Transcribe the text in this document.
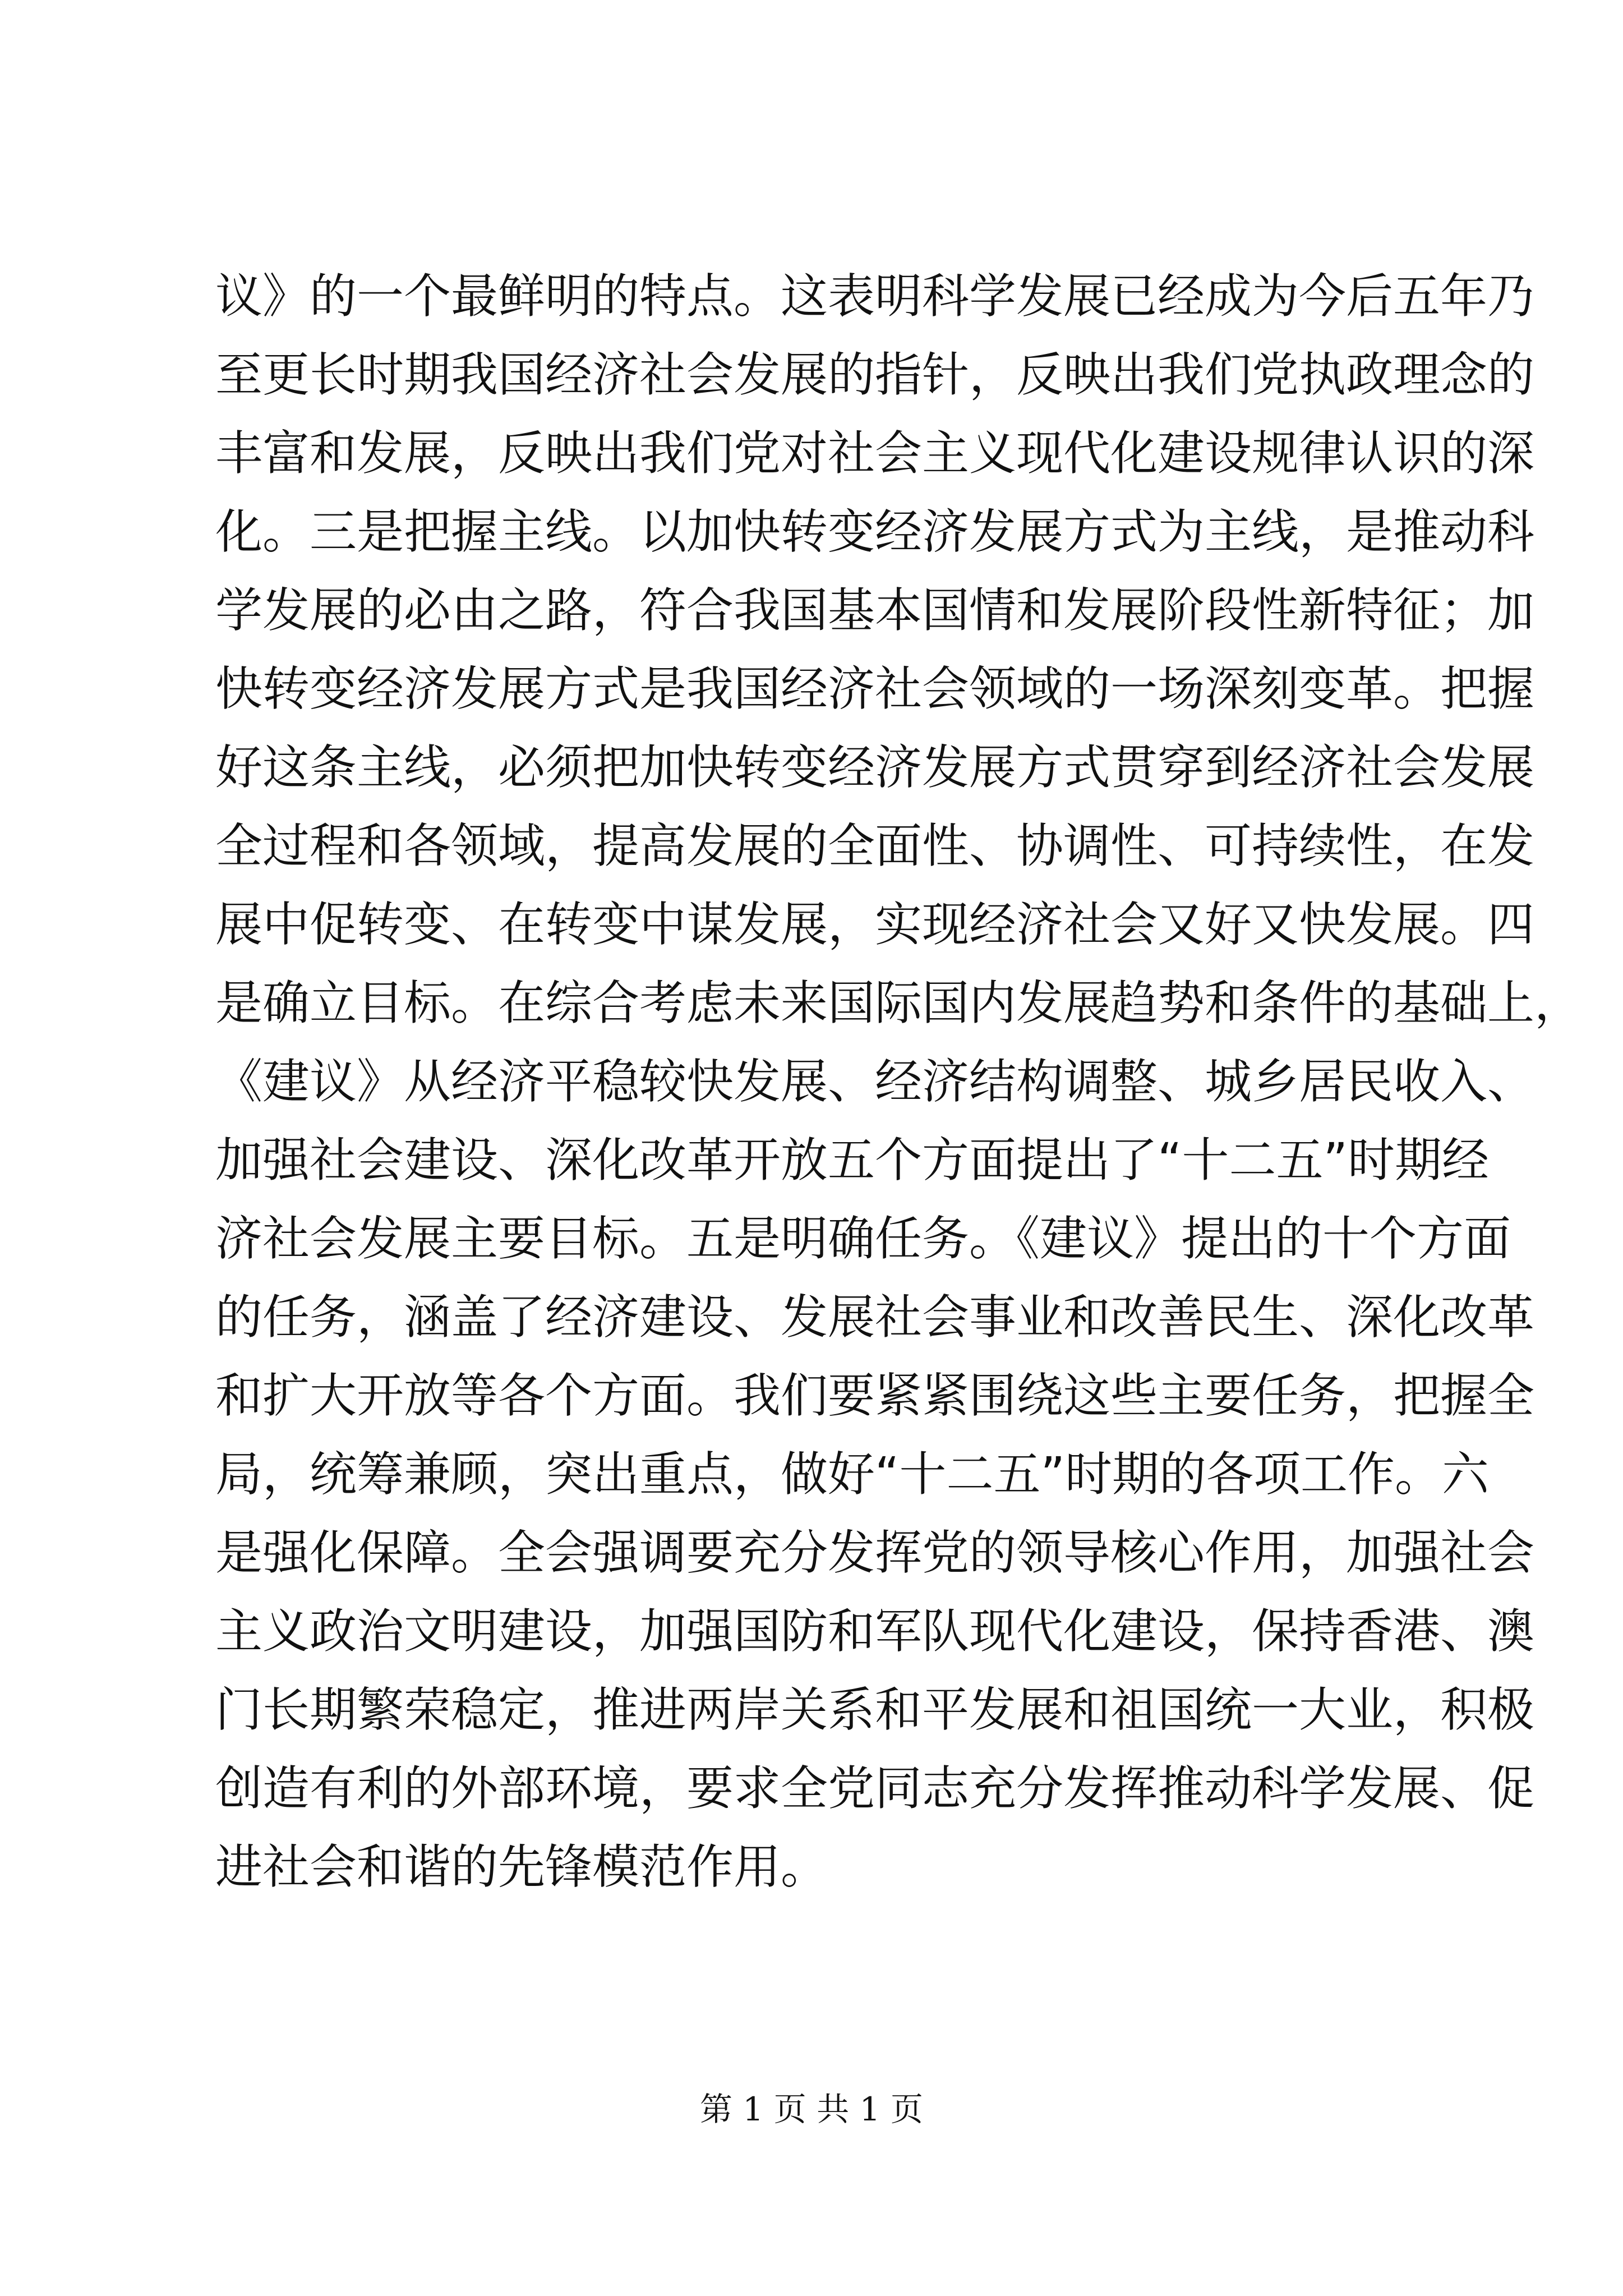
议》的一个最鲜明的特点。这表明科学发展已经成为今后五年乃
至更长时期我国经济社会发展的指针，反映出我们党执政理念的
丰富和发展，反映出我们党对社会主义现代化建设规律认识的深
化。三是把握主线。以加快转变经济发展方式为主线，是推动科
学发展的必由之路，符合我国基本国情和发展阶段性新特征；加
快转变经济发展方式是我国经济社会领域的一场深刻变革。把握
好这条主线，必须把加快转变经济发展方式贯穿到经济社会发展
全过程和各领域，提高发展的全面性、协调性、可持续性，在发
展中促转变、在转变中谋发展，实现经济社会又好又快发展。四
是确立目标。在综合考虑未来国际国内发展趋势和条件的基础上，
《建议》从经济平稳较快发展、经济结构调整、城乡居民收入、
加强社会建设、深化改革开放五个方面提出了“十二五”时期经
济社会发展主要目标。五是明确任务。《建议》提出的十个方面
的任务，涵盖了经济建设、发展社会事业和改善民生、深化改革
和扩大开放等各个方面。我们要紧紧围绕这些主要任务，把握全
局，统筹兼顾，突出重点，做好“十二五”时期的各项工作。六
是强化保障。全会强调要充分发挥党的领导核心作用，加强社会
主义政治文明建设，加强国防和军队现代化建设，保持香港、澳
门长期繁荣稳定，推进两岸关系和平发展和祖国统一大业，积极
创造有利的外部环境，要求全党同志充分发挥推动科学发展、促
进社会和谐的先锋模范作用。
第 1 页 共 1 页
